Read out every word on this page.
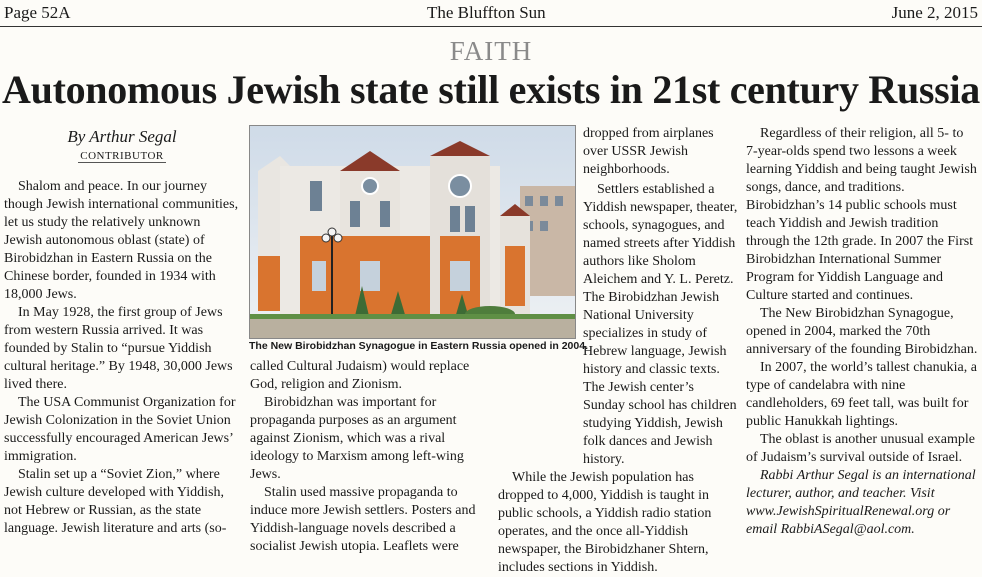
Page 52A	The Bluffton Sun	June 2, 2015
FAITH
Autonomous Jewish state still exists in 21st century Russia
By Arthur Segal
CONTRIBUTOR

Shalom and peace. In our journey though Jewish international communities, let us study the relatively unknown Jewish autonomous oblast (state) of Birobidzhan in Eastern Russia on the Chinese border, founded in 1934 with 18,000 Jews.

In May 1928, the first group of Jews from western Russia arrived. It was founded by Stalin to “pursue Yiddish cultural heritage.” By 1948, 30,000 Jews lived there.

The USA Communist Organization for Jewish Colonization in the Soviet Union successfully encouraged American Jews’ immigration.

Stalin set up a “Soviet Zion,” where Jewish culture developed with Yiddish, not Hebrew or Russian, as the state language. Jewish literature and arts (so-

The New Birobidzhan Synagogue in Eastern Russia opened in 2004.

called Cultural Judaism) would replace God, religion and Zionism.

Birobidzhan was important for propaganda purposes as an argument against Zionism, which was a rival ideology to Marxism among left-wing Jews.

Stalin used massive propaganda to induce more Jewish settlers. Posters and Yiddish-language novels described a socialist Jewish utopia. Leaflets were

dropped from airplanes over USSR Jewish neighborhoods.

Settlers established a Yiddish newspaper, theater, schools, synagogues, and named streets after Yiddish authors like Sholom Aleichem and Y. L. Peretz. The Birobidzhan Jewish National University specializes in study of Hebrew language, Jewish history and classic texts. The Jewish center’s Sunday school has children studying Yiddish, Jewish folk dances and Jewish history.

While the Jewish population has dropped to 4,000, Yiddish is taught in public schools, a Yiddish radio station operates, and the once all-Yiddish newspaper, the Birobidzhaner Shtern, includes sections in Yiddish.

Regardless of their religion, all 5- to 7-year-olds spend two lessons a week learning Yiddish and being taught Jewish songs, dance, and traditions. Birobidzhan’s 14 public schools must teach Yiddish and Jewish tradition through the 12th grade. In 2007 the First Birobidzhan International Summer Program for Yiddish Language and Culture started and continues.

The New Birobidzhan Synagogue, opened in 2004, marked the 70th anniversary of the founding Birobidzhan.

In 2007, the world’s tallest chanukia, a type of candelabra with nine candleholders, 69 feet tall, was built for public Hanukkah lightings.

The oblast is another unusual example of Judaism’s survival outside of Israel.

Rabbi Arthur Segal is an international lecturer, author, and teacher. Visit www.JewishSpiritualRenewal.org or email RabbiASegal@aol.com.
